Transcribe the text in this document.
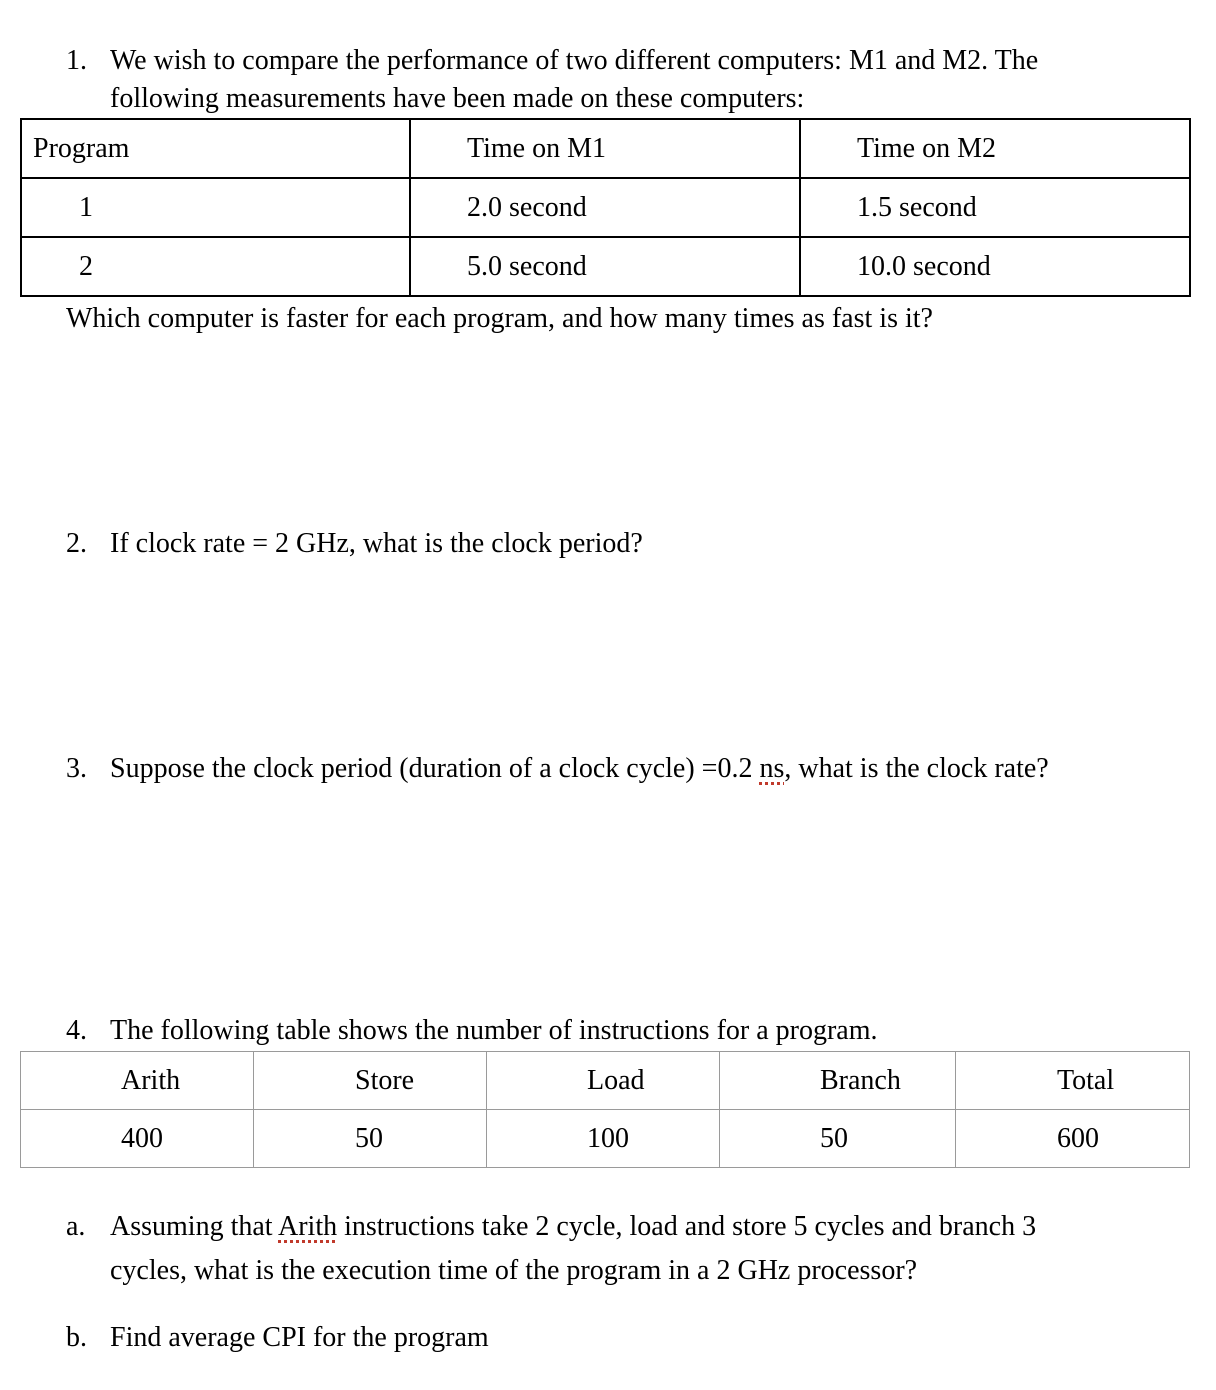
1. We wish to compare the performance of two different computers: M1 and M2. The
following measurements have been made on these computers:
Program	Time on M1	Time on M2
1	2.0 second	1.5 second
2	5.0 second	10.0 second
Which computer is faster for each program, and how many times as fast is it?
2. If clock rate = 2 GHz, what is the clock period?
3. Suppose the clock period (duration of a clock cycle) =0.2 ns, what is the clock rate?
4. The following table shows the number of instructions for a program.
Arith	Store	Load	Branch	Total
400	50	100	50	600
a. Assuming that Arith instructions take 2 cycle, load and store 5 cycles and branch 3
cycles, what is the execution time of the program in a 2 GHz processor?
b. Find average CPI for the program
